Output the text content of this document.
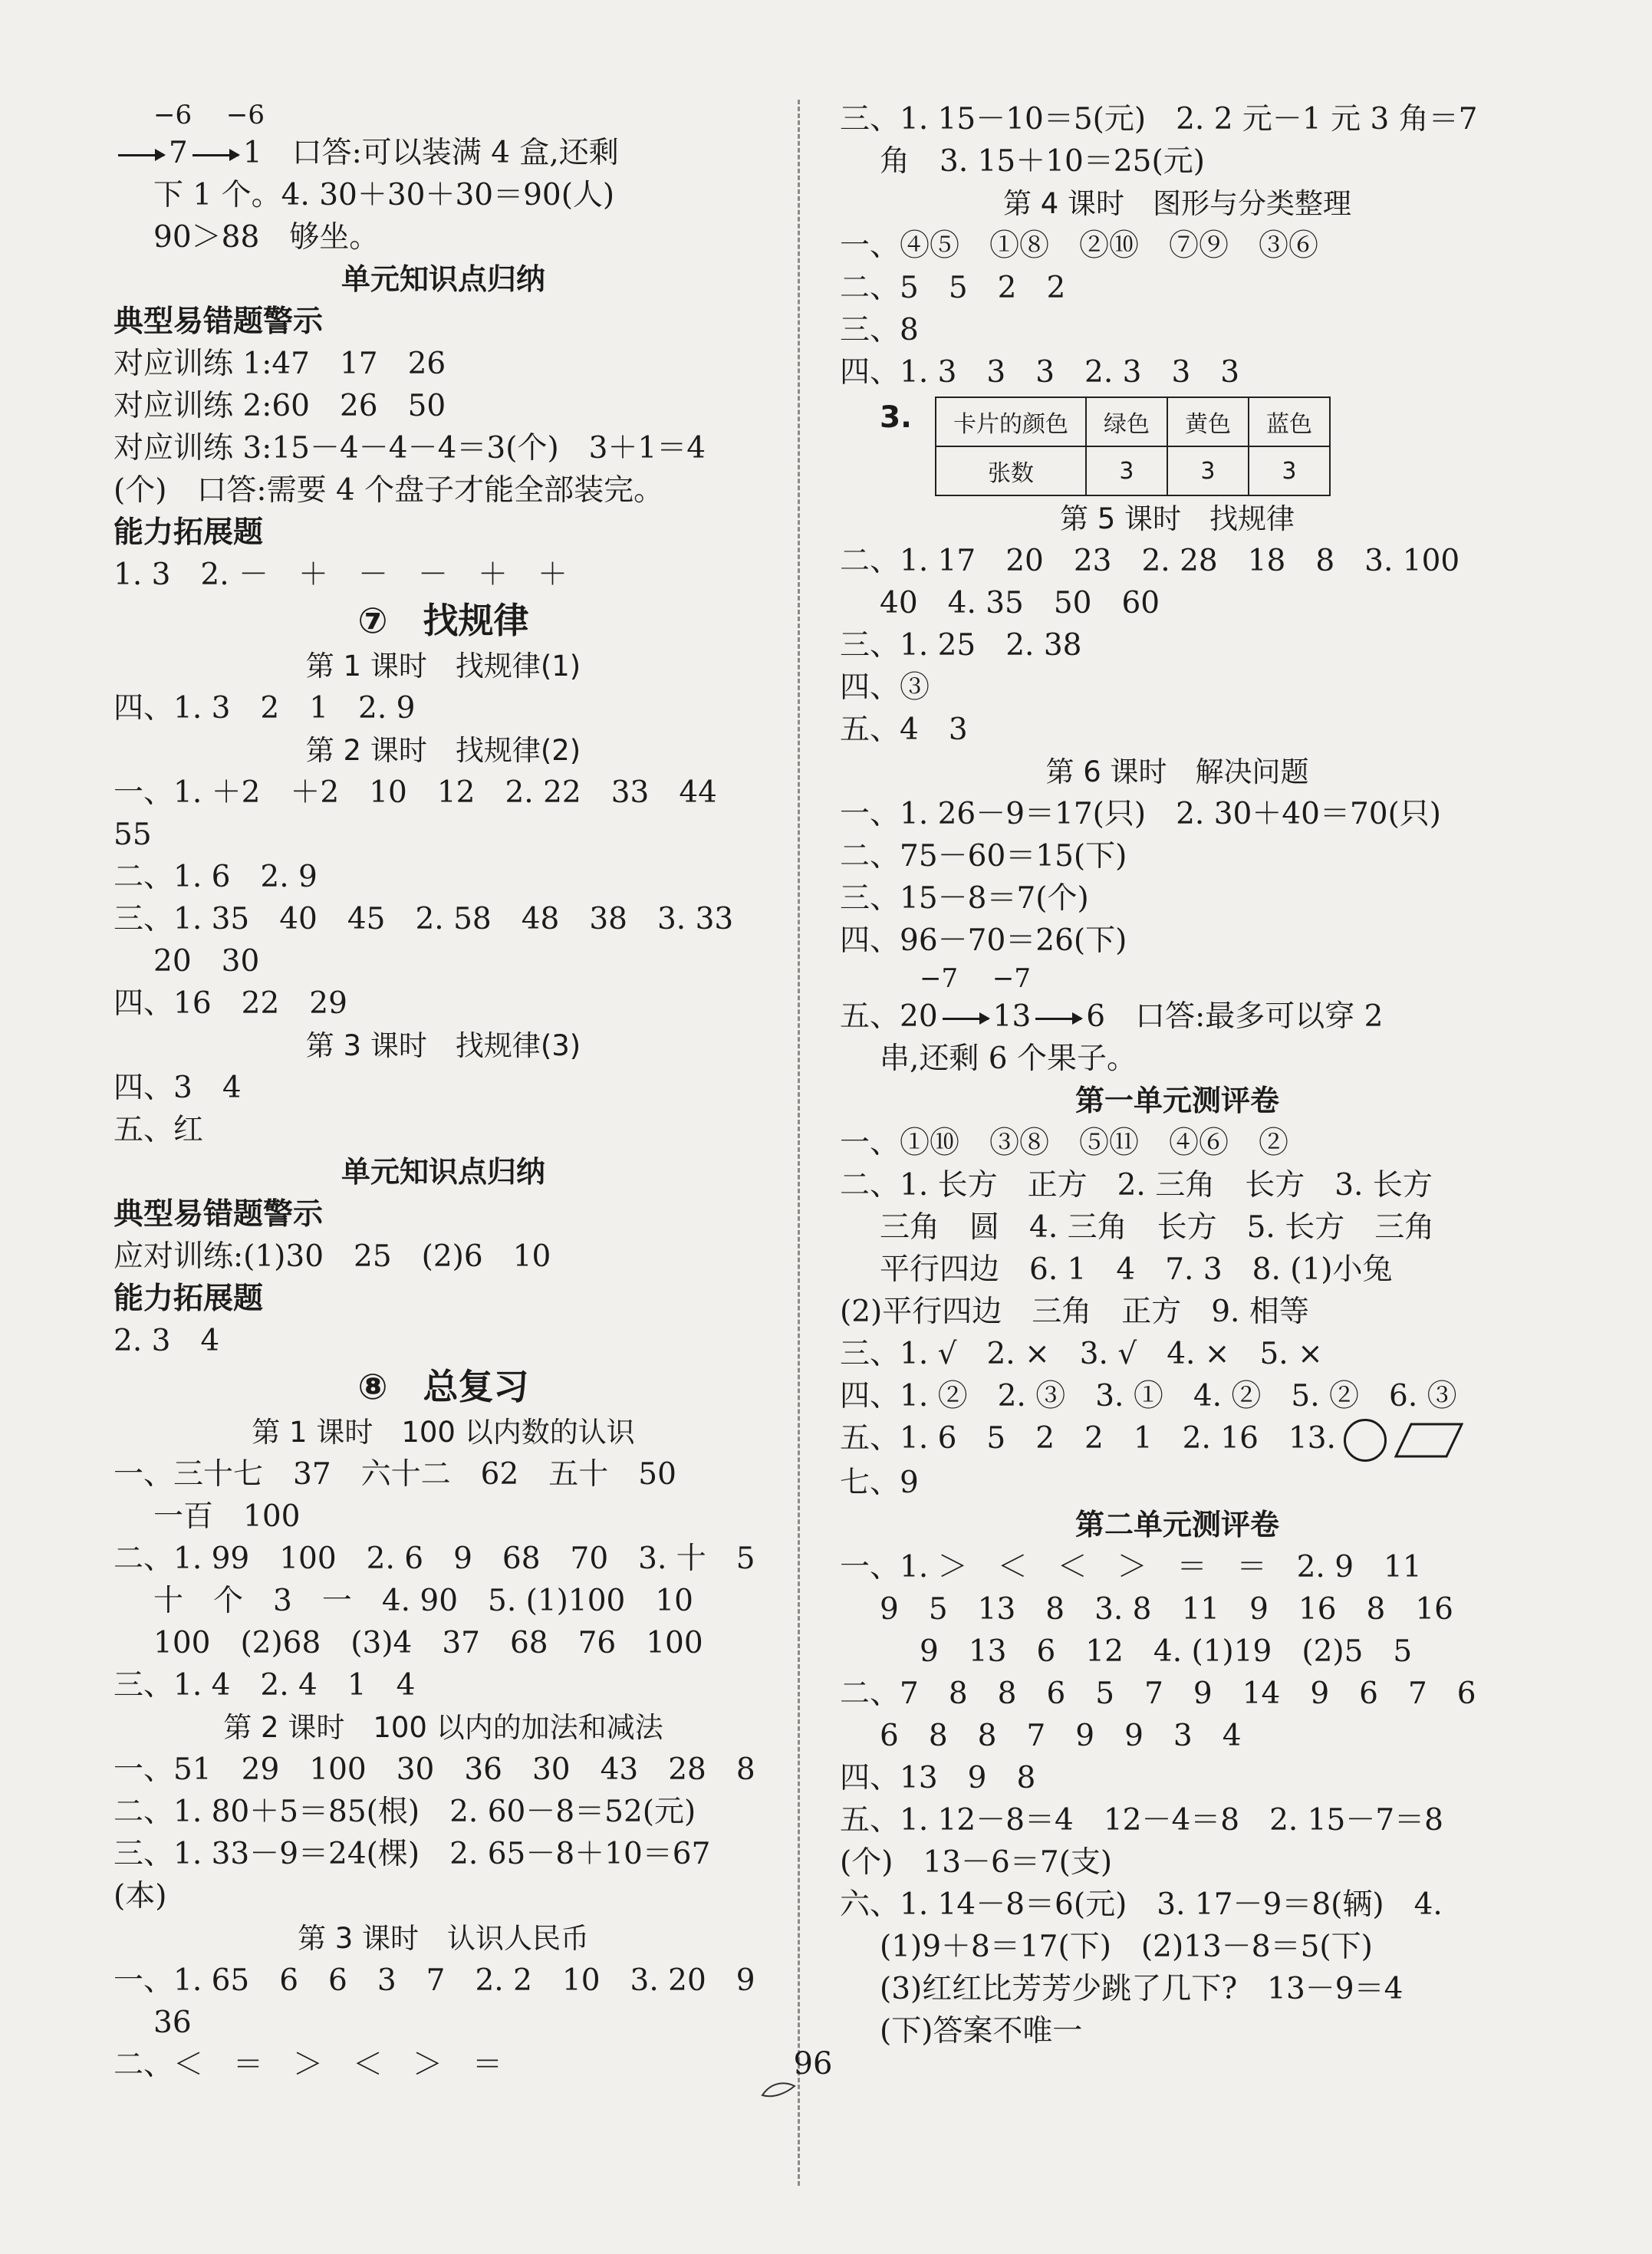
−6　 −6
7 1　口答:可以装满 4 盒,还剩
下 1 个。4. 30＋30＋30＝90(人)
90＞88　够坐。
单元知识点归纳
典型易错题警示
对应训练 1:47　17　26
对应训练 2:60　26　50
对应训练 3:15－4－4－4＝3(个)　3＋1＝4
(个)　口答:需要 4 个盘子才能全部装完。
能力拓展题
1. 3　2. －　＋　－　－　＋　＋
⑦　找规律
第 1 课时　找规律(1)
四、1. 3　2　1　2. 9
第 2 课时　找规律(2)
一、1. ＋2　＋2　10　12　2. 22　33　44
55
二、1. 6　2. 9
三、1. 35　40　45　2. 58　48　38　3. 33
20　30
四、16　22　29
第 3 课时　找规律(3)
四、3　4
五、红
单元知识点归纳
典型易错题警示
应对训练:(1)30　25　(2)6　10
能力拓展题
2. 3　4
⑧　总复习
第 1 课时　100 以内数的认识
一、三十七　37　六十二　62　五十　50
一百　100
二、1. 99　100　2. 6　9　68　70　3. 十　5
十　个　3　一　4. 90　5. (1)100　10
100　(2)68　(3)4　37　68　76　100
三、1. 4　2. 4　1　4
第 2 课时　100 以内的加法和减法
一、51　29　100　30　36　30　43　28　8
二、1. 80＋5＝85(根)　2. 60－8＝52(元)
三、1. 33－9＝24(棵)　2. 65－8＋10＝67
(本)
第 3 课时　认识人民币
一、1. 65　6　6　3　7　2. 2　10　3. 20　9
36
二、＜　＝　＞　＜　＞　＝
三、1. 15－10＝5(元)　2. 2 元－1 元 3 角＝7
角　3. 15＋10＝25(元)
第 4 课时　图形与分类整理
一、④⑤　①⑧　②⑩　⑦⑨　③⑥
二、5　5　2　2
三、8
四、1. 3　3　3　2. 3　3　3
3. 卡片的颜色	绿色	黄色	蓝色
张数	3	3	3
第 5 课时　找规律
二、1. 17　20　23　2. 28　18　8　3. 100
40　4. 35　50　60
三、1. 25　2. 38
四、③
五、4　3
第 6 课时　解决问题
一、1. 26－9＝17(只)　2. 30＋40＝70(只)
二、75－60＝15(下)
三、15－8＝7(个)
四、96－70＝26(下)
−7　 −7
五、20 13 6　口答:最多可以穿 2
串,还剩 6 个果子。
第一单元测评卷
一、①⑩　③⑧　⑤⑪　④⑥　②
二、1. 长方　正方　2. 三角　长方　3. 长方
三角　圆　4. 三角　长方　5. 长方　三角
平行四边　6. 1　4　7. 3　8. (1)小兔
(2)平行四边　三角　正方　9. 相等
三、1. √　2. ×　3. √　4. ×　5. ×
四、1. ②　2. ③　3. ①　4. ②　5. ②　6. ③
五、1. 6　5　2　2　1　2. 16　13.
七、9
第二单元测评卷
一、1. ＞　＜　＜　＞　＝　＝　2. 9　11
9　5　13　8　3. 8　11　9　16　8　16
9　13　6　12　4. (1)19　(2)5　5
二、7　8　8　6　5　7　9　14　9　6　7　6
6　8　8　7　9　9　3　4
四、13　9　8
五、1. 12－8＝4　12－4＝8　2. 15－7＝8
(个)　13－6＝7(支)
六、1. 14－8＝6(元)　3. 17－9＝8(辆)　4.
(1)9＋8＝17(下)　(2)13－8＝5(下)
(3)红红比芳芳少跳了几下?　13－9＝4
(下)答案不唯一
96
